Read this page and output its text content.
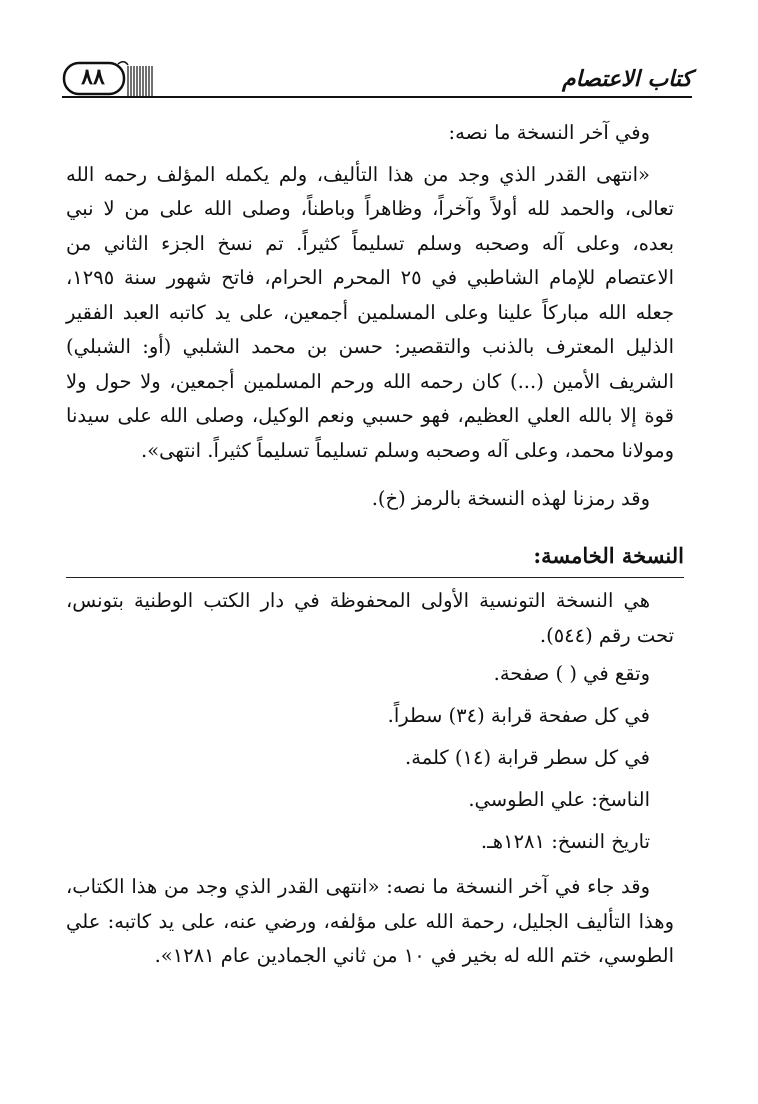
كتاب الاعتصام
٨٨

وفي آخر النسخة ما نصه:

«انتهى القدر الذي وجد من هذا التأليف، ولم يكمله المؤلف رحمه الله تعالى، والحمد لله أولاً وآخراً، وظاهراً وباطناً، وصلى الله على من لا نبي بعده، وعلى آله وصحبه وسلم تسليماً كثيراً. تم نسخ الجزء الثاني من الاعتصام للإمام الشاطبي في ٢٥ المحرم الحرام، فاتح شهور سنة ١٢٩٥، جعله الله مباركاً علينا وعلى المسلمين أجمعين، على يد كاتبه العبد الفقير الذليل المعترف بالذنب والتقصير: حسن بن محمد الشلبي (أو: الشبلي) الشريف الأمين (...) كان رحمه الله ورحم المسلمين أجمعين، ولا حول ولا قوة إلا بالله العلي العظيم، فهو حسبي ونعم الوكيل، وصلى الله على سيدنا ومولانا محمد، وعلى آله وصحبه وسلم تسليماً تسليماً كثيراً. انتهى».

وقد رمزنا لهذه النسخة بالرمز (خ).

النسخة الخامسة:

هي النسخة التونسية الأولى المحفوظة في دار الكتب الوطنية بتونس، تحت رقم (٥٤٤).

وتقع في ( ) صفحة.
في كل صفحة قرابة (٣٤) سطراً.
في كل سطر قرابة (١٤) كلمة.
الناسخ: علي الطوسي.
تاريخ النسخ: ١٢٨١هـ.

وقد جاء في آخر النسخة ما نصه: «انتهى القدر الذي وجد من هذا الكتاب، وهذا التأليف الجليل، رحمة الله على مؤلفه، ورضي عنه، على يد كاتبه: علي الطوسي، ختم الله له بخير في ١٠ من ثاني الجمادين عام ١٢٨١».
